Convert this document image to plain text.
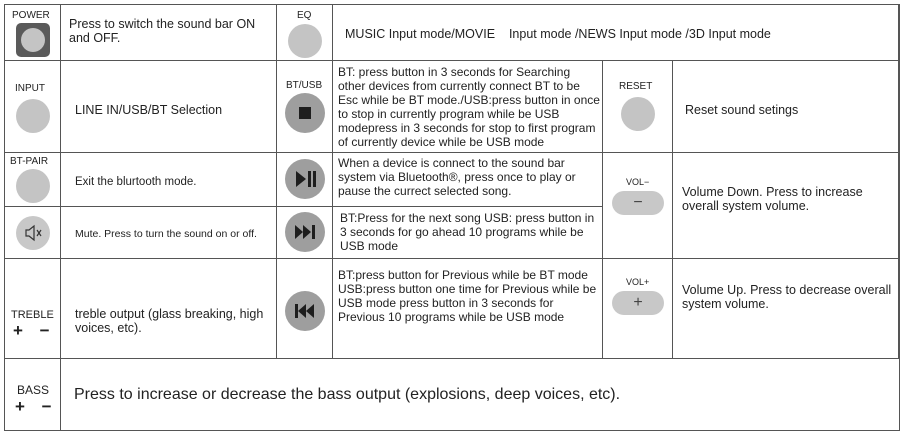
POWER
Press to switch the sound bar ON and OFF.
EQ
MUSIC Input mode/MOVIE    Input mode /NEWS Input mode /3D Input mode
INPUT
LINE IN/USB/BT Selection
BT/USB
BT: press button in 3 seconds for Searching other devices from currently connect BT to be Esc while be BT mode./USB:press button in once to stop in currently program while be USB modepress in 3 seconds for stop to first program of currently device while be USB mode
RESET
Reset sound setings
BT-PAIR
Exit the blurtooth mode.
When a device is connect to the sound bar system via Bluetooth®, press once to play or pause the currect selected song.
VOL−
−
Volume Down. Press to increase overall system volume.
Mute. Press to turn the sound on or off.
BT:Press for the next song USB: press button in 3 seconds for go ahead 10 programs while be USB mode
TREBLE
+ −
treble output (glass breaking, high voices, etc).
BT:press button for Previous while be BT mode USB:press button one time for Previous while be USB mode press button in 3 seconds for Previous 10 programs while be USB mode
VOL+
+
Volume Up. Press to decrease overall system volume.
BASS
+ −
Press to increase or decrease the bass output (explosions, deep voices, etc).
